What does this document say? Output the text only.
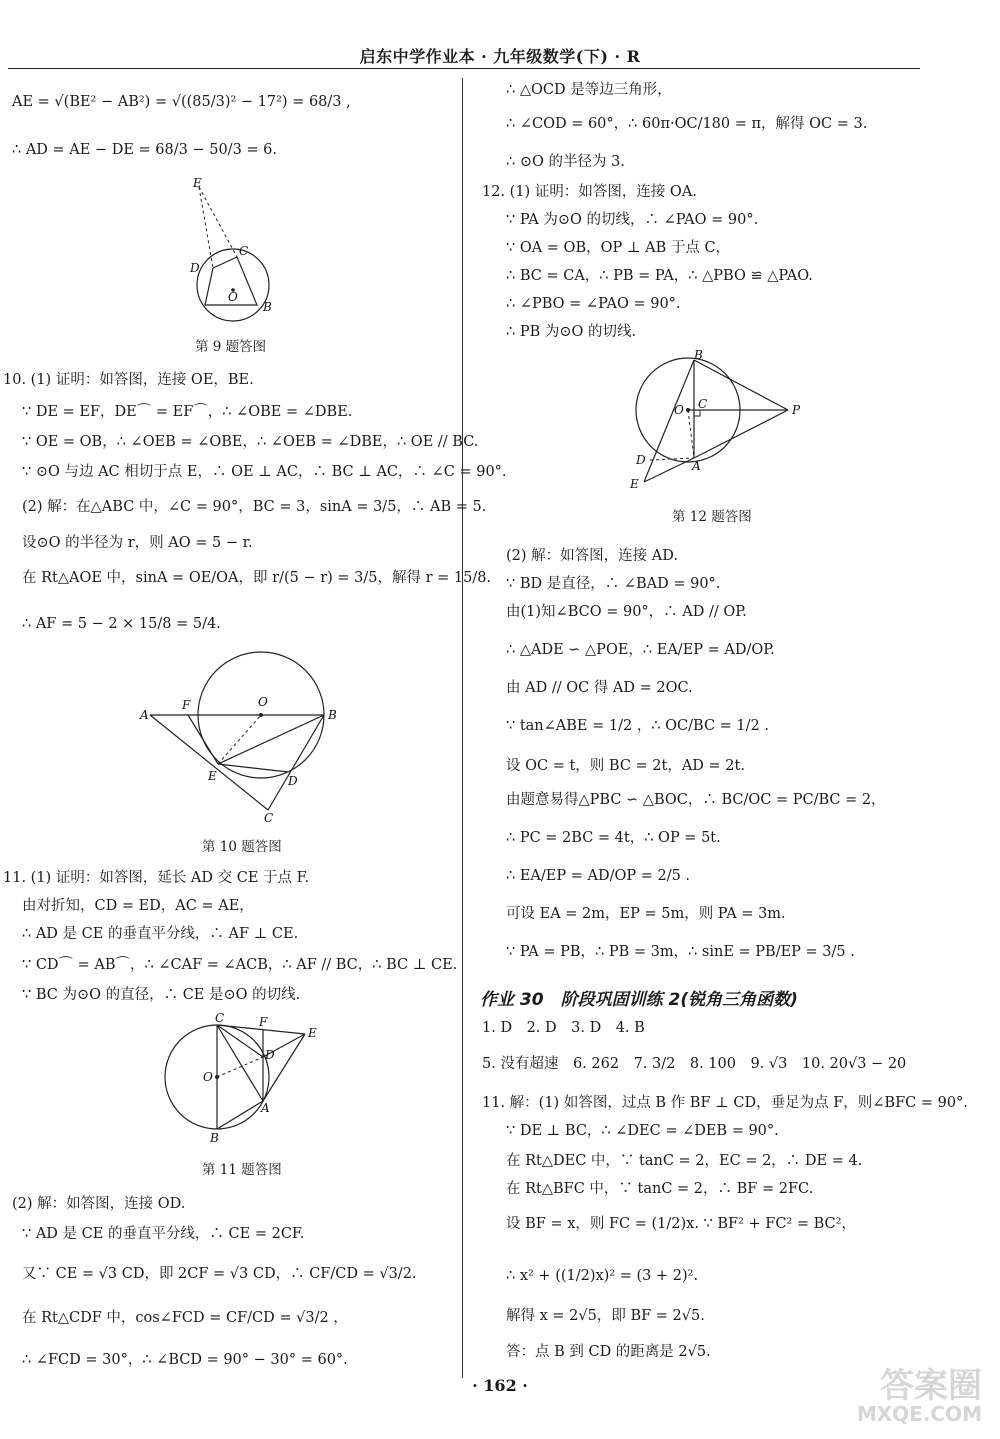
启东中学作业本 · 九年级数学(下) · R
AE = √(BE² − AB²) = √((85/3)² − 17²) = 68/3 ,
∴ AD = AE − DE = 68/3 − 50/3 = 6.
E
C
D
O
B
第 9 题答图
10. (1) 证明：如答图，连接 OE，BE.
∵ DE = EF，DE⌒ = EF⌒，∴ ∠OBE = ∠DBE.
∵ OE = OB，∴ ∠OEB = ∠OBE，∴ ∠OEB = ∠DBE，∴ OE // BC.
∵ ⊙O 与边 AC 相切于点 E，∴ OE ⊥ AC，∴ BC ⊥ AC，∴ ∠C = 90°.
(2) 解：在△ABC 中，∠C = 90°，BC = 3，sinA = 3/5，∴ AB = 5.
设⊙O 的半径为 r，则 AO = 5 − r.
在 Rt△AOE 中，sinA = OE/OA，即 r/(5 − r) = 3/5，解得 r = 15/8.
∴ AF = 5 − 2 × 15/8 = 5/4.
A
F	O
B
E	D
C
第 10 题答图
11. (1) 证明：如答图，延长 AD 交 CE 于点 F.
由对折知，CD = ED，AC = AE，
∴ AD 是 CE 的垂直平分线，∴ AF ⊥ CE.
∵ CD⌒ = AB⌒，∴ ∠CAF = ∠ACB，∴ AF // BC，∴ BC ⊥ CE.
∵ BC 为⊙O 的直径，∴ CE 是⊙O 的切线.
C	F
E
D
O
A
B
第 11 题答图
(2) 解：如答图，连接 OD.
∵ AD 是 CE 的垂直平分线，∴ CE = 2CF.
又∵ CE = √3 CD，即 2CF = √3 CD，∴ CF/CD = √3/2.
在 Rt△CDF 中，cos∠FCD = CF/CD = √3/2 ，
∴ ∠FCD = 30°，∴ ∠BCD = 90° − 30° = 60°.
∴ △OCD 是等边三角形，
∴ ∠COD = 60°，∴ 60π·OC/180 = π，解得 OC = 3.
∴ ⊙O 的半径为 3.
12. (1) 证明：如答图，连接 OA.
∵ PA 为⊙O 的切线，∴ ∠PAO = 90°.
∵ OA = OB，OP ⊥ AB 于点 C，
∴ BC = CA，∴ PB = PA，∴ △PBO ≌ △PAO.
∴ ∠PBO = ∠PAO = 90°.
∴ PB 为⊙O 的切线.
B
O C	P
D	A
E
第 12 题答图
(2) 解：如答图，连接 AD.
∵ BD 是直径，∴ ∠BAD = 90°.
由(1)知∠BCO = 90°，∴ AD // OP.
∴ △ADE ∽ △POE，∴ EA/EP = AD/OP.
由 AD // OC 得 AD = 2OC.
∵ tan∠ABE = 1/2 ，∴ OC/BC = 1/2 .
设 OC = t，则 BC = 2t，AD = 2t.
由题意易得△PBC ∽ △BOC，∴ BC/OC = PC/BC = 2，
∴ PC = 2BC = 4t，∴ OP = 5t.
∴ EA/EP = AD/OP = 2/5 .
可设 EA = 2m，EP = 5m，则 PA = 3m.
∵ PA = PB，∴ PB = 3m，∴ sinE = PB/EP = 3/5 .
作业 30　阶段巩固训练 2(锐角三角函数)
1. D　2. D　3. D　4. B
5. 没有超速　6. 262　7. 3/2　8. 100　9. √3　10. 20√3 − 20
11. 解：(1) 如答图，过点 B 作 BF ⊥ CD，垂足为点 F，则∠BFC = 90°.
∵ DE ⊥ BC，∴ ∠DEC = ∠DEB = 90°.
在 Rt△DEC 中，∵ tanC = 2，EC = 2，∴ DE = 4.
在 Rt△BFC 中，∵ tanC = 2，∴ BF = 2FC.
设 BF = x，则 FC = (1/2)x. ∵ BF² + FC² = BC²，
∴ x² + ((1/2)x)² = (3 + 2)².
解得 x = 2√5，即 BF = 2√5.
答：点 B 到 CD 的距离是 2√5.
· 162 ·	答案圈
MXQE.COM
